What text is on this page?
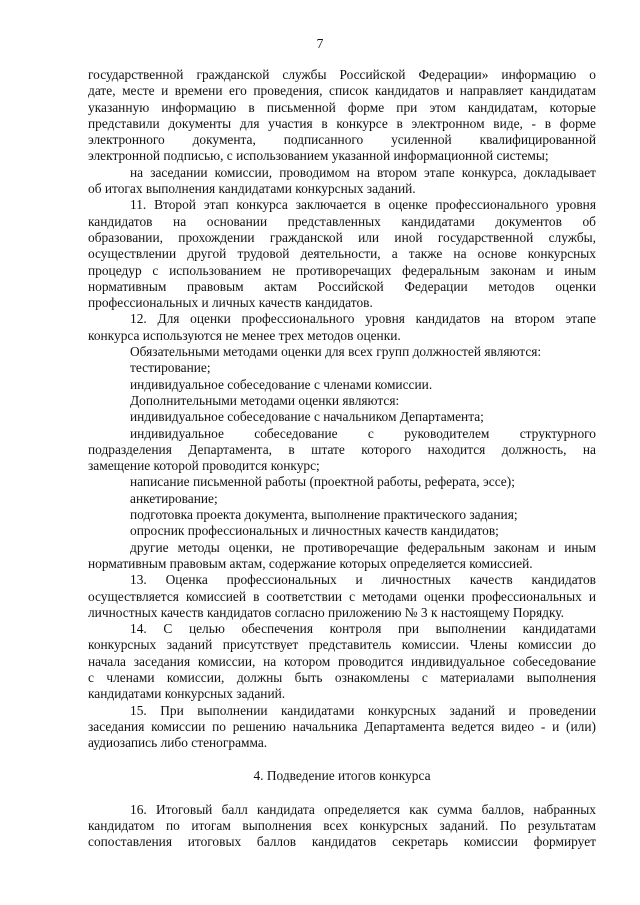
7
государственной гражданской службы Российской Федерации» информацию о
дате, месте и времени его проведения, список кандидатов и направляет кандидатам
указанную информацию в письменной форме при этом кандидатам, которые
представили документы для участия в конкурсе в электронном виде, - в форме
электронного документа, подписанного усиленной квалифицированной
электронной подписью, с использованием указанной информационной системы;
на заседании комиссии, проводимом на втором этапе конкурса, докладывает
об итогах выполнения кандидатами конкурсных заданий.
11. Второй этап конкурса заключается в оценке профессионального уровня
кандидатов на основании представленных кандидатами документов об
образовании, прохождении гражданской или иной государственной службы,
осуществлении другой трудовой деятельности, а также на основе конкурсных
процедур с использованием не противоречащих федеральным законам и иным
нормативным правовым актам Российской Федерации методов оценки
профессиональных и личных качеств кандидатов.
12. Для оценки профессионального уровня кандидатов на втором этапе
конкурса используются не менее трех методов оценки.
Обязательными методами оценки для всех групп должностей являются:
тестирование;
индивидуальное собеседование с членами комиссии.
Дополнительными методами оценки являются:
индивидуальное собеседование с начальником Департамента;
индивидуальное собеседование с руководителем структурного
подразделения Департамента, в штате которого находится должность, на
замещение которой проводится конкурс;
написание письменной работы (проектной работы, реферата, эссе);
анкетирование;
подготовка проекта документа, выполнение практического задания;
опросник профессиональных и личностных качеств кандидатов;
другие методы оценки, не противоречащие федеральным законам и иным
нормативным правовым актам, содержание которых определяется комиссией.
13. Оценка профессиональных и личностных качеств кандидатов
осуществляется комиссией в соответствии с методами оценки профессиональных и
личностных качеств кандидатов согласно приложению № 3 к настоящему Порядку.
14. С целью обеспечения контроля при выполнении кандидатами
конкурсных заданий присутствует представитель комиссии. Члены комиссии до
начала заседания комиссии, на котором проводится индивидуальное собеседование
с членами комиссии, должны быть ознакомлены с материалами выполнения
кандидатами конкурсных заданий.
15. При выполнении кандидатами конкурсных заданий и проведении
заседания комиссии по решению начальника Департамента ведется видео - и (или)
аудиозапись либо стенограмма.
4. Подведение итогов конкурса
16. Итоговый балл кандидата определяется как сумма баллов, набранных
кандидатом по итогам выполнения всех конкурсных заданий. По результатам
сопоставления итоговых баллов кандидатов секретарь комиссии формирует
